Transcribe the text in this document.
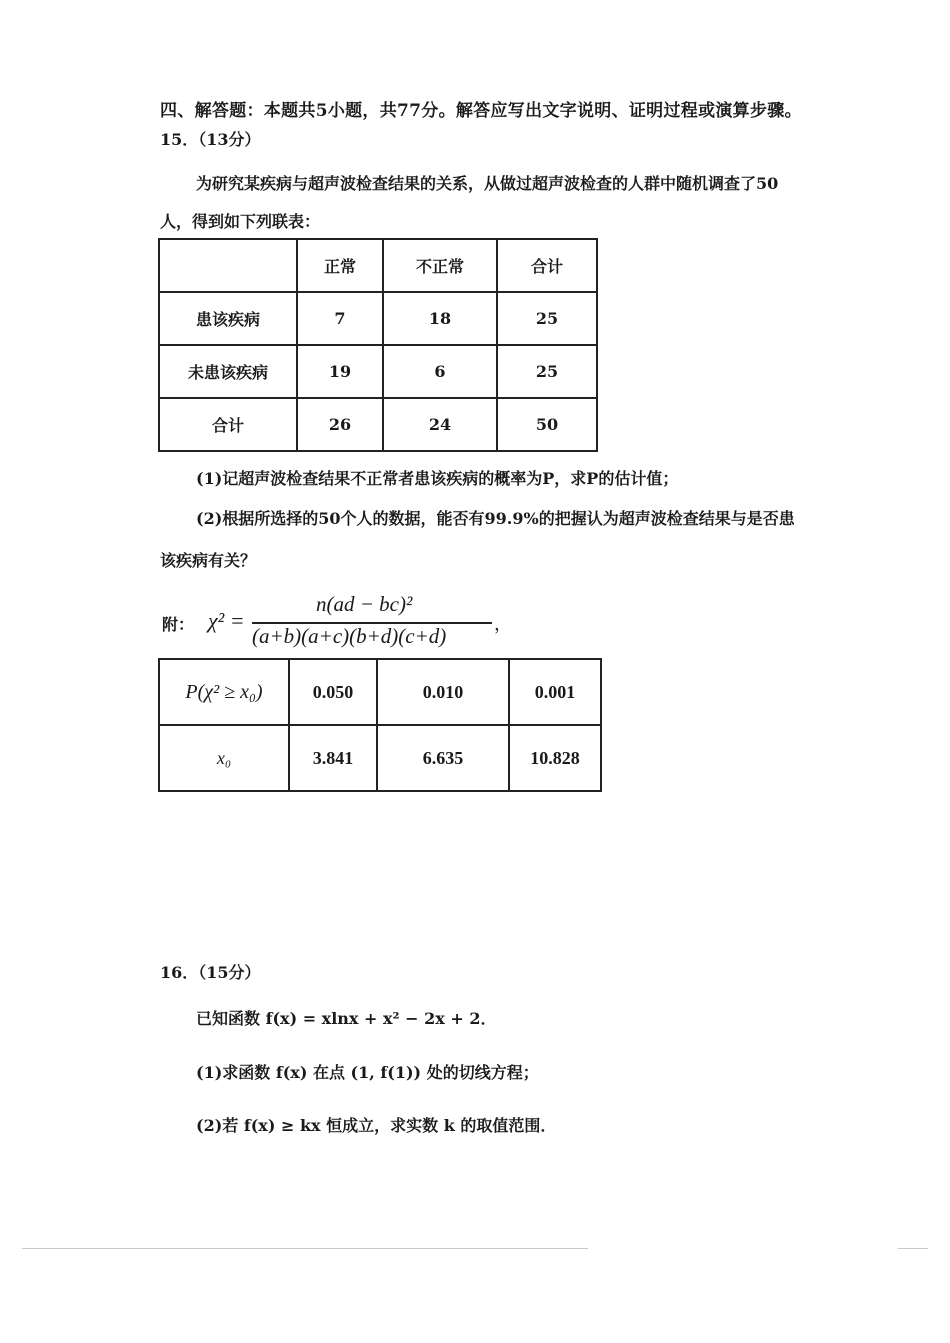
四、解答题：本题共5小题，共77分。解答应写出文字说明、证明过程或演算步骤。
15．（13分）
为研究某疾病与超声波检查结果的关系，从做过超声波检查的人群中随机调查了50
人，得到如下列联表：
	正常	不正常	合计
患该疾病	7	18	25
未患该疾病	19	6	25
合计	26	24	50
(1)记超声波检查结果不正常者患该疾病的概率为P，求P的估计值；
(2)根据所选择的50个人的数据，能否有99.9%的把握认为超声波检查结果与是否患
该疾病有关？
附： χ² =
n(ad − bc)²
(a+b)(a+c)(b+d)(c+d)	，
P(χ² ≥ x₀)	0.050	0.010	0.001
x₀	3.841	6.635	10.828
16．（15分）
已知函数 f(x) = xlnx + x² − 2x + 2．
(1)求函数 f(x) 在点 (1, f(1)) 处的切线方程；
(2)若 f(x) ≥ kx 恒成立，求实数 k 的取值范围．
